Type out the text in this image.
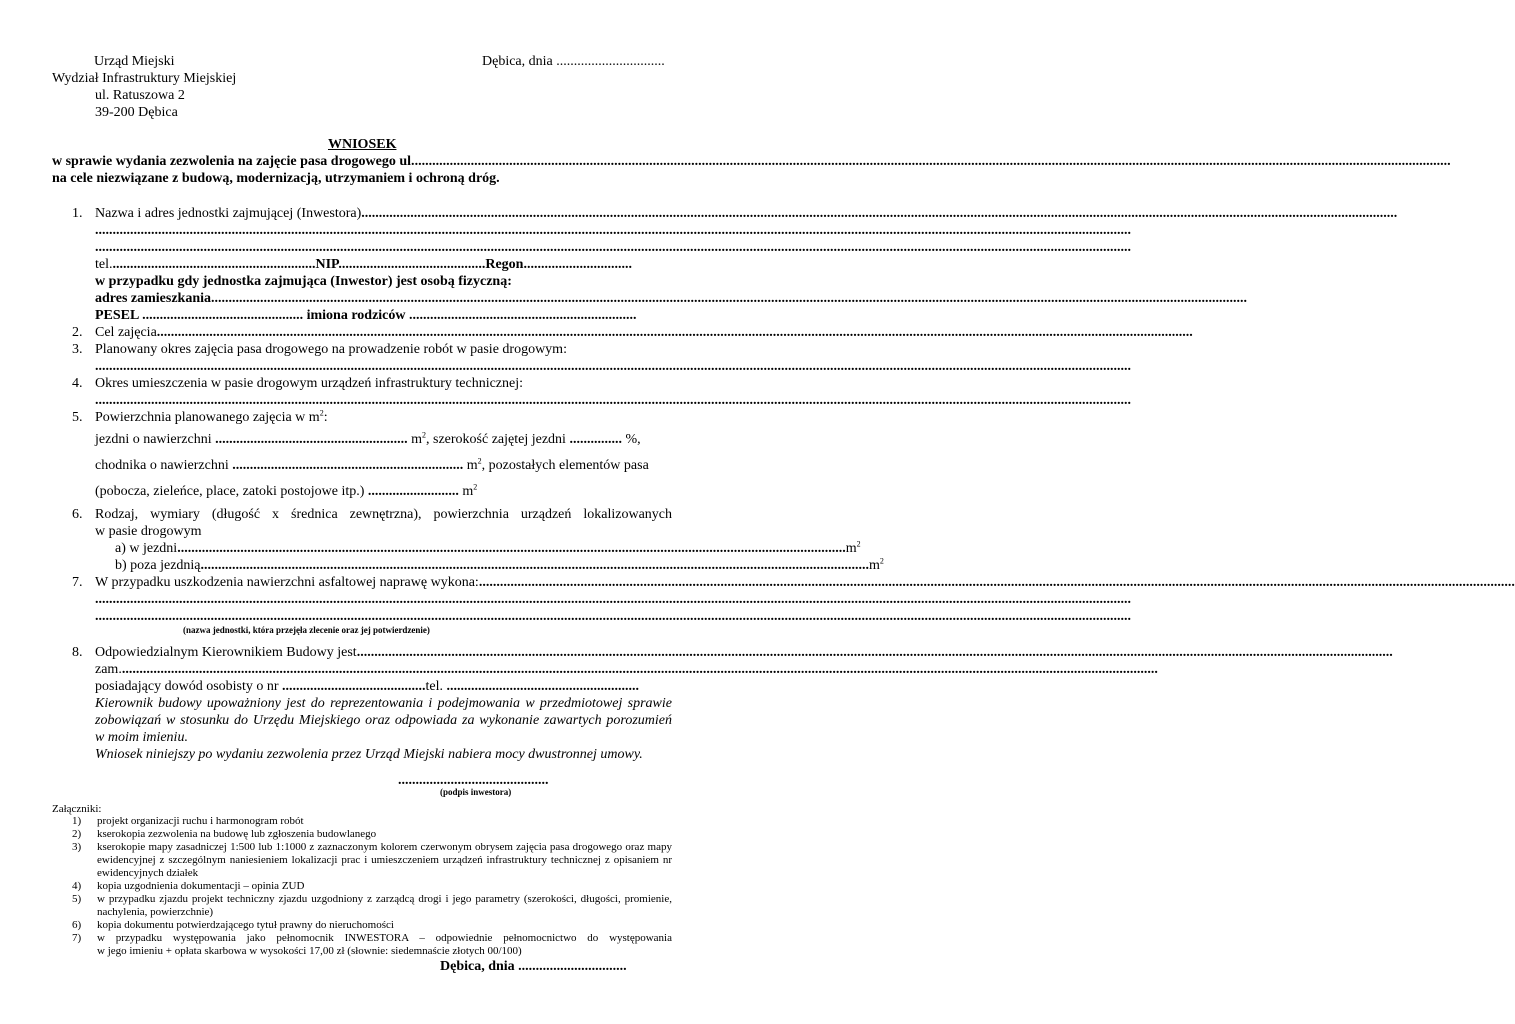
Urząd Miejski
Wydział Infrastruktury Miejskiej
ul. Ratuszowa 2
39-200 Dębica
Dębica, dnia ...............................
WNIOSEK
w sprawie wydania zezwolenia na zajęcie pasa drogowego ul.
.....
na cele niezwiązane z budową, modernizacją, utrzymaniem i ochroną dróg.
1. Nazwa i adres jednostki zajmującej (Inwestora)
.....
.....
.....
tel...........................................................NIP..........................................Regon...............................
w przypadku gdy jednostka zajmująca (Inwestor) jest osobą fizyczną:
adres zamieszkania
.....
PESEL .............................................. imiona rodziców .................................................................
2. Cel zajęcia
.....
3. Planowany okres zajęcia pasa drogowego na prowadzenie robót w pasie drogowym:
.....
4. Okres umieszczenia w pasie drogowym urządzeń infrastruktury technicznej:
.....
5. Powierzchnia planowanego zajęcia w $m^2$:
jezdni o nawierzchni ....................................................... $m^2$, szerokość zajętej jezdni ............... %,
chodnika o nawierzchni .................................................................. $m^2$, pozostałych elementów pasa
(pobocza, zieleńce, place, zatoki postojowe itp.) .......................... $m^2$
6. Rodzaj, wymiary (długość x średnica zewnętrzna), powierzchnia urządzeń lokalizowanych
w pasie drogowym
a) w jezdni ............................................................................................................................................................................................... $m^2$
b) poza jezdnią ............................................................................................................................................................................................... $m^2$
7. W przypadku uszkodzenia nawierzchni asfaltowej naprawę wykona:
.....
.....
.....
(nazwa jednostki, która przejęła zlecenie oraz jej potwierdzenie)
8. Odpowiedzialnym Kierownikiem Budowy jest
.....
zam.
.....
posiadający dowód osobisty o nr .........................................tel. .......................................................
Kierownik budowy upoważniony jest do reprezentowania i podejmowania w przedmiotowej sprawie
zobowiązań w stosunku do Urzędu Miejskiego oraz odpowiada za wykonanie zawartych porozumień
w moim imieniu.
Wniosek niniejszy po wydaniu zezwolenia przez Urząd Miejski nabiera mocy dwustronnej umowy.
...........................................
(podpis inwestora)
Załączniki:
1) projekt organizacji ruchu i harmonogram robót
2) kserokopia zezwolenia na budowę lub zgłoszenia budowlanego
3) kserokopie mapy zasadniczej 1:500 lub 1:1000 z zaznaczonym kolorem czerwonym obrysem zajęcia pasa drogowego oraz mapy
ewidencyjnej z szczególnym naniesieniem lokalizacji prac i umieszczeniem urządzeń infrastruktury technicznej z opisaniem nr
ewidencyjnych działek
4) kopia uzgodnienia dokumentacji – opinia ZUD
5) w przypadku zjazdu projekt techniczny zjazdu uzgodniony z zarządcą drogi i jego parametry (szerokości, długości, promienie,
nachylenia, powierzchnie)
6) kopia dokumentu potwierdzającego tytuł prawny do nieruchomości
7) w przypadku występowania jako pełnomocnik INWESTORA – odpowiednie pełnomocnictwo do występowania
w jego imieniu + opłata skarbowa w wysokości 17,00 zł (słownie: siedemnaście złotych 00/100)
Dębica, dnia ...............................
